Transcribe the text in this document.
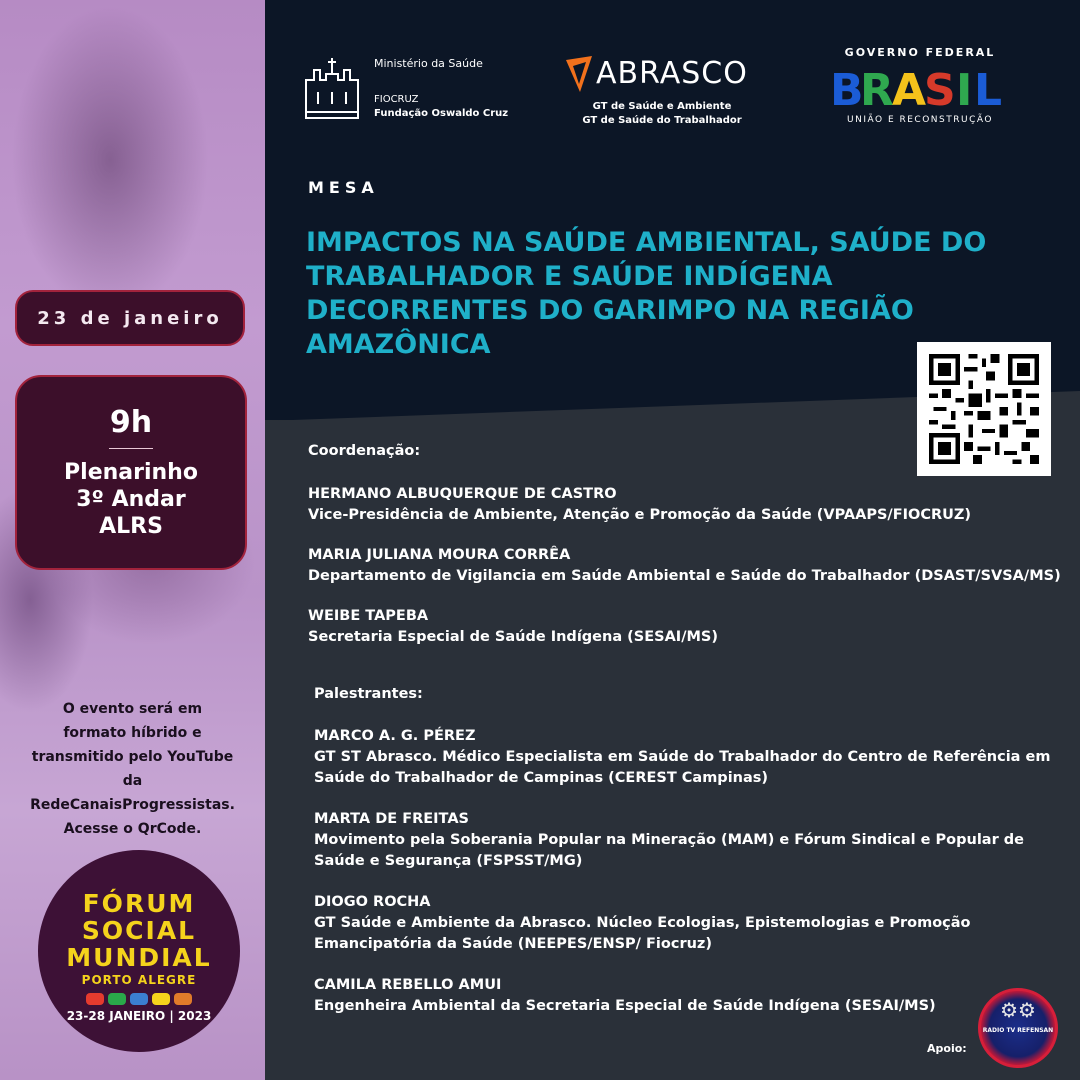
23 de janeiro
9h
Plenarinho
3º Andar
ALRS
O evento será em formato híbrido e transmitido pelo YouTube da RedeCanaisProgressistas. Acesse o QrCode.
FÓRUM
SOCIAL
MUNDIAL
PORTO ALEGRE
23-28 JANEIRO | 2023
Ministério da Saúde
FIOCRUZ
Fundação Oswaldo Cruz
ABRASCO
GT de Saúde e Ambiente
GT de Saúde do Trabalhador
GOVERNO FEDERAL
B
R
A
S I L
UNIÃO E RECONSTRUÇÃO
MESA
IMPACTOS NA SAÚDE AMBIENTAL, SAÚDE DO TRABALHADOR E SAÚDE INDÍGENA DECORRENTES DO GARIMPO NA REGIÃO AMAZÔNICA
Coordenação:
HERMANO ALBUQUERQUE DE CASTRO
Vice-Presidência de Ambiente, Atenção e Promoção da Saúde (VPAAPS/FIOCRUZ)
MARIA JULIANA MOURA CORRÊA
Departamento de Vigilancia em Saúde Ambiental e Saúde do Trabalhador (DSAST/SVSA/MS)
WEIBE TAPEBA
Secretaria Especial de Saúde Indígena (SESAI/MS)
Palestrantes:
MARCO A. G. PÉREZ
GT ST Abrasco. Médico Especialista em Saúde do Trabalhador do Centro de Referência em Saúde do Trabalhador de Campinas (CEREST Campinas)
MARTA DE FREITAS
Movimento pela Soberania Popular na Mineração (MAM) e Fórum Sindical e Popular de Saúde e Segurança (FSPSST/MG)
DIOGO ROCHA
GT Saúde e Ambiente da Abrasco. Núcleo Ecologias, Epistemologias e Promoção Emancipatória da Saúde (NEEPES/ENSP/ Fiocruz)
CAMILA REBELLO AMUI
Engenheira Ambiental da Secretaria Especial de Saúde Indígena (SESAI/MS)
Apoio:
⚙⚙
RADIO TV REFENSAN
